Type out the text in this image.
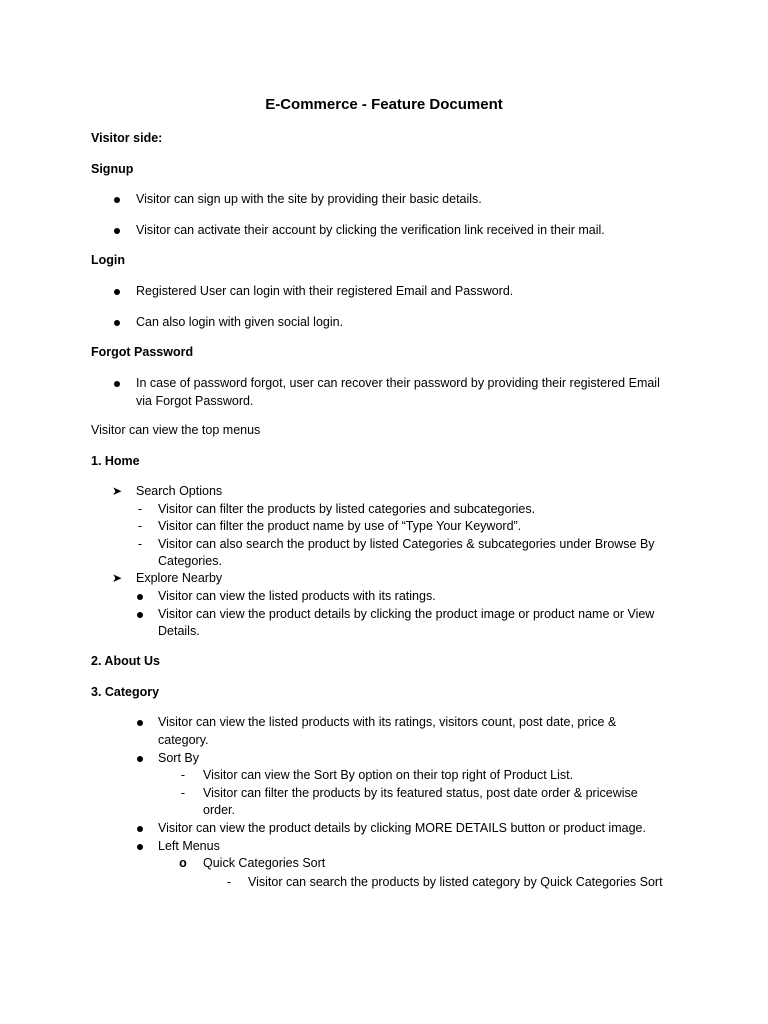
E-Commerce - Feature Document
Visitor side:
Signup
Visitor can sign up with the site by providing their basic details.
Visitor can activate their account by clicking the verification link received in their mail.
Login
Registered User can login with their registered Email and Password.
Can also login with given social login.
Forgot Password
In case of password forgot, user can recover their password by providing their registered Email
via Forgot Password.
Visitor can view the top menus
1. Home
➤ Search Options
-	Visitor can filter the products by listed categories and subcategories.
-	Visitor can filter the product name by use of “Type Your Keyword”.
-	Visitor can also search the product by listed Categories & subcategories under Browse By
Categories.
➤ Explore Nearby
Visitor can view the listed products with its ratings.
Visitor can view the product details by clicking the product image or product name or View
Details.
2. About Us
3. Category
Visitor can view the listed products with its ratings, visitors count, post date, price &
category.
Sort By
-	Visitor can view the Sort By option on their top right of Product List.
-	Visitor can filter the products by its featured status, post date order & pricewise
order.
Visitor can view the product details by clicking MORE DETAILS button or product image.
Left Menus
o Quick Categories Sort
-	Visitor can search the products by listed category by Quick Categories Sort
